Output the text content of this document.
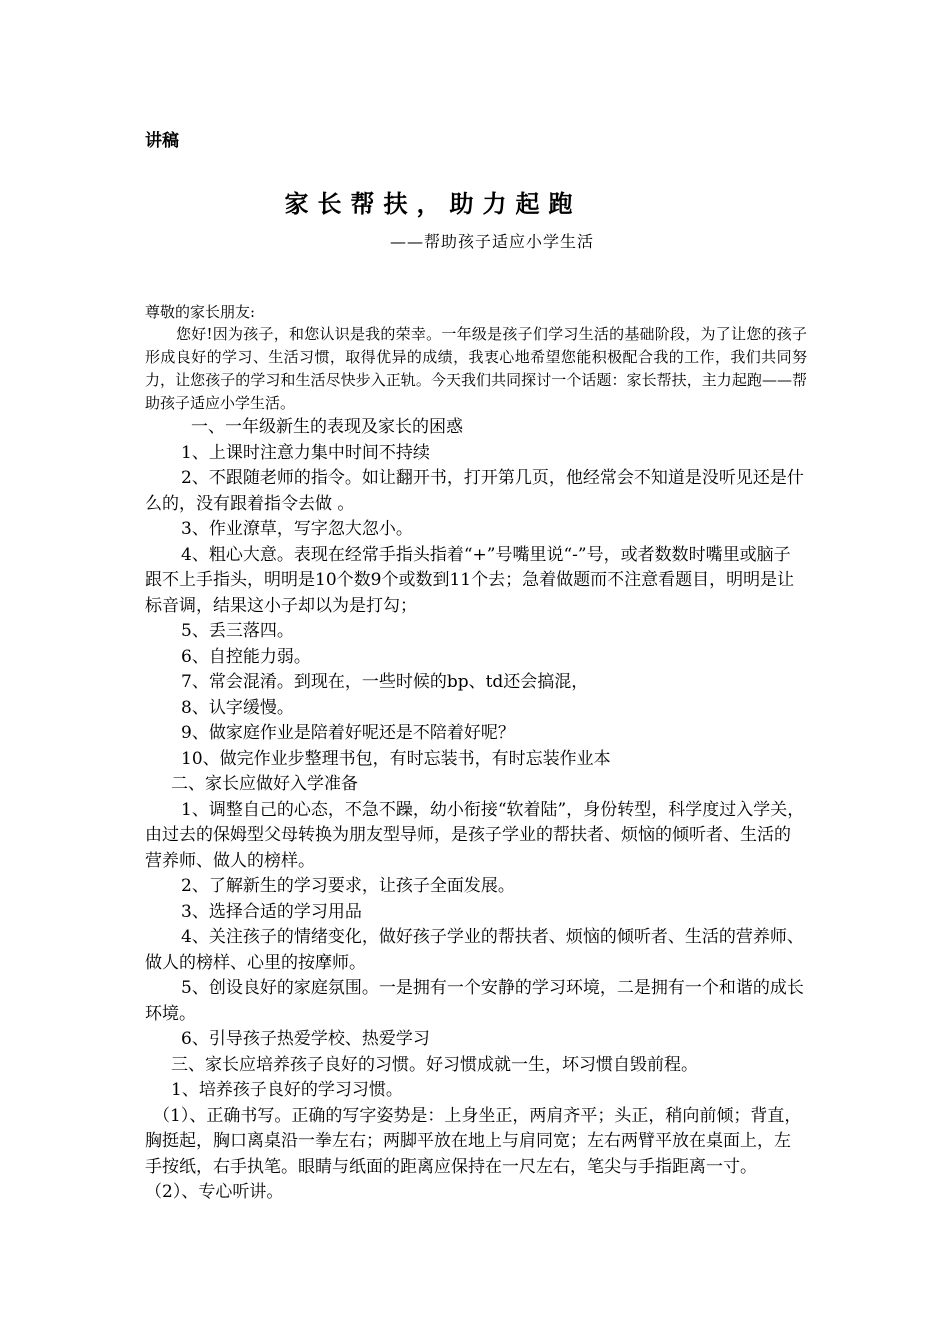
讲稿
家长帮扶，助力起跑
——帮助孩子适应小学生活

尊敬的家长朋友:

您好!因为孩子，和您认识是我的荣幸。一年级是孩子们学习生活的基础阶段，为了让您的孩子形成良好的学习、生活习惯，取得优异的成绩，我衷心地希望您能积极配合我的工作，我们共同努力，让您孩子的学习和生活尽快步入正轨。今天我们共同探讨一个话题：家长帮扶，主力起跑——帮助孩子适应小学生活。

一、一年级新生的表现及家长的困惑

1、上课时注意力集中时间不持续

2、不跟随老师的指令。如让翻开书，打开第几页，他经常会不知道是没听见还是什么的，没有跟着指令去做 。

3、作业潦草，写字忽大忽小。

4、粗心大意。表现在经常手指头指着“+”号嘴里说“-”号，或者数数时嘴里或脑子跟不上手指头，明明是10个数9个或数到11个去；急着做题而不注意看题目，明明是让标音调，结果这小子却以为是打勾；

5、丢三落四。

6、自控能力弱。

7、常会混淆。到现在，一些时候的bp、td还会搞混，

8、认字缓慢。

9、做家庭作业是陪着好呢还是不陪着好呢？

10、做完作业步整理书包，有时忘装书，有时忘装作业本

二、家长应做好入学准备

1、调整自己的心态，不急不躁，幼小衔接“软着陆”，身份转型，科学度过入学关，由过去的保姆型父母转换为朋友型导师，是孩子学业的帮扶者、烦恼的倾听者、生活的营养师、做人的榜样。

2、了解新生的学习要求，让孩子全面发展。

3、选择合适的学习用品

4、关注孩子的情绪变化，做好孩子学业的帮扶者、烦恼的倾听者、生活的营养师、做人的榜样、心里的按摩师。

5、创设良好的家庭氛围。一是拥有一个安静的学习环境，二是拥有一个和谐的成长环境。

6、引导孩子热爱学校、热爱学习

三、家长应培养孩子良好的习惯。好习惯成就一生，坏习惯自毁前程。

1、培养孩子良好的学习习惯。

（1）、正确书写。正确的写字姿势是：上身坐正，两肩齐平；头正，稍向前倾；背直，胸挺起，胸口离桌沿一拳左右；两脚平放在地上与肩同宽；左右两臂平放在桌面上，左手按纸，右手执笔。眼睛与纸面的距离应保持在一尺左右，笔尖与手指距离一寸。

（2）、专心听讲。
